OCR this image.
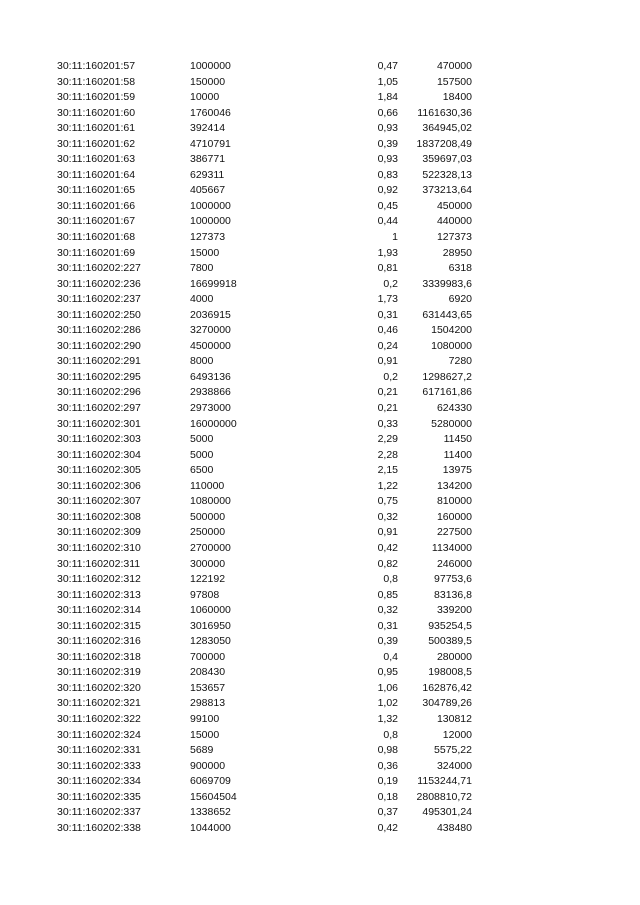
30:11:160201:57	1000000	0,47	470000
30:11:160201:58	150000	1,05	157500
30:11:160201:59	10000	1,84	18400
30:11:160201:60	1760046	0,66	1161630,36
30:11:160201:61	392414	0,93	364945,02
30:11:160201:62	4710791	0,39	1837208,49
30:11:160201:63	386771	0,93	359697,03
30:11:160201:64	629311	0,83	522328,13
30:11:160201:65	405667	0,92	373213,64
30:11:160201:66	1000000	0,45	450000
30:11:160201:67	1000000	0,44	440000
30:11:160201:68	127373	1	127373
30:11:160201:69	15000	1,93	28950
30:11:160202:227	7800	0,81	6318
30:11:160202:236	16699918	0,2	3339983,6
30:11:160202:237	4000	1,73	6920
30:11:160202:250	2036915	0,31	631443,65
30:11:160202:286	3270000	0,46	1504200
30:11:160202:290	4500000	0,24	1080000
30:11:160202:291	8000	0,91	7280
30:11:160202:295	6493136	0,2	1298627,2
30:11:160202:296	2938866	0,21	617161,86
30:11:160202:297	2973000	0,21	624330
30:11:160202:301	16000000	0,33	5280000
30:11:160202:303	5000	2,29	11450
30:11:160202:304	5000	2,28	11400
30:11:160202:305	6500	2,15	13975
30:11:160202:306	110000	1,22	134200
30:11:160202:307	1080000	0,75	810000
30:11:160202:308	500000	0,32	160000
30:11:160202:309	250000	0,91	227500
30:11:160202:310	2700000	0,42	1134000
30:11:160202:311	300000	0,82	246000
30:11:160202:312	122192	0,8	97753,6
30:11:160202:313	97808	0,85	83136,8
30:11:160202:314	1060000	0,32	339200
30:11:160202:315	3016950	0,31	935254,5
30:11:160202:316	1283050	0,39	500389,5
30:11:160202:318	700000	0,4	280000
30:11:160202:319	208430	0,95	198008,5
30:11:160202:320	153657	1,06	162876,42
30:11:160202:321	298813	1,02	304789,26
30:11:160202:322	99100	1,32	130812
30:11:160202:324	15000	0,8	12000
30:11:160202:331	5689	0,98	5575,22
30:11:160202:333	900000	0,36	324000
30:11:160202:334	6069709	0,19	1153244,71
30:11:160202:335	15604504	0,18	2808810,72
30:11:160202:337	1338652	0,37	495301,24
30:11:160202:338	1044000	0,42	438480
